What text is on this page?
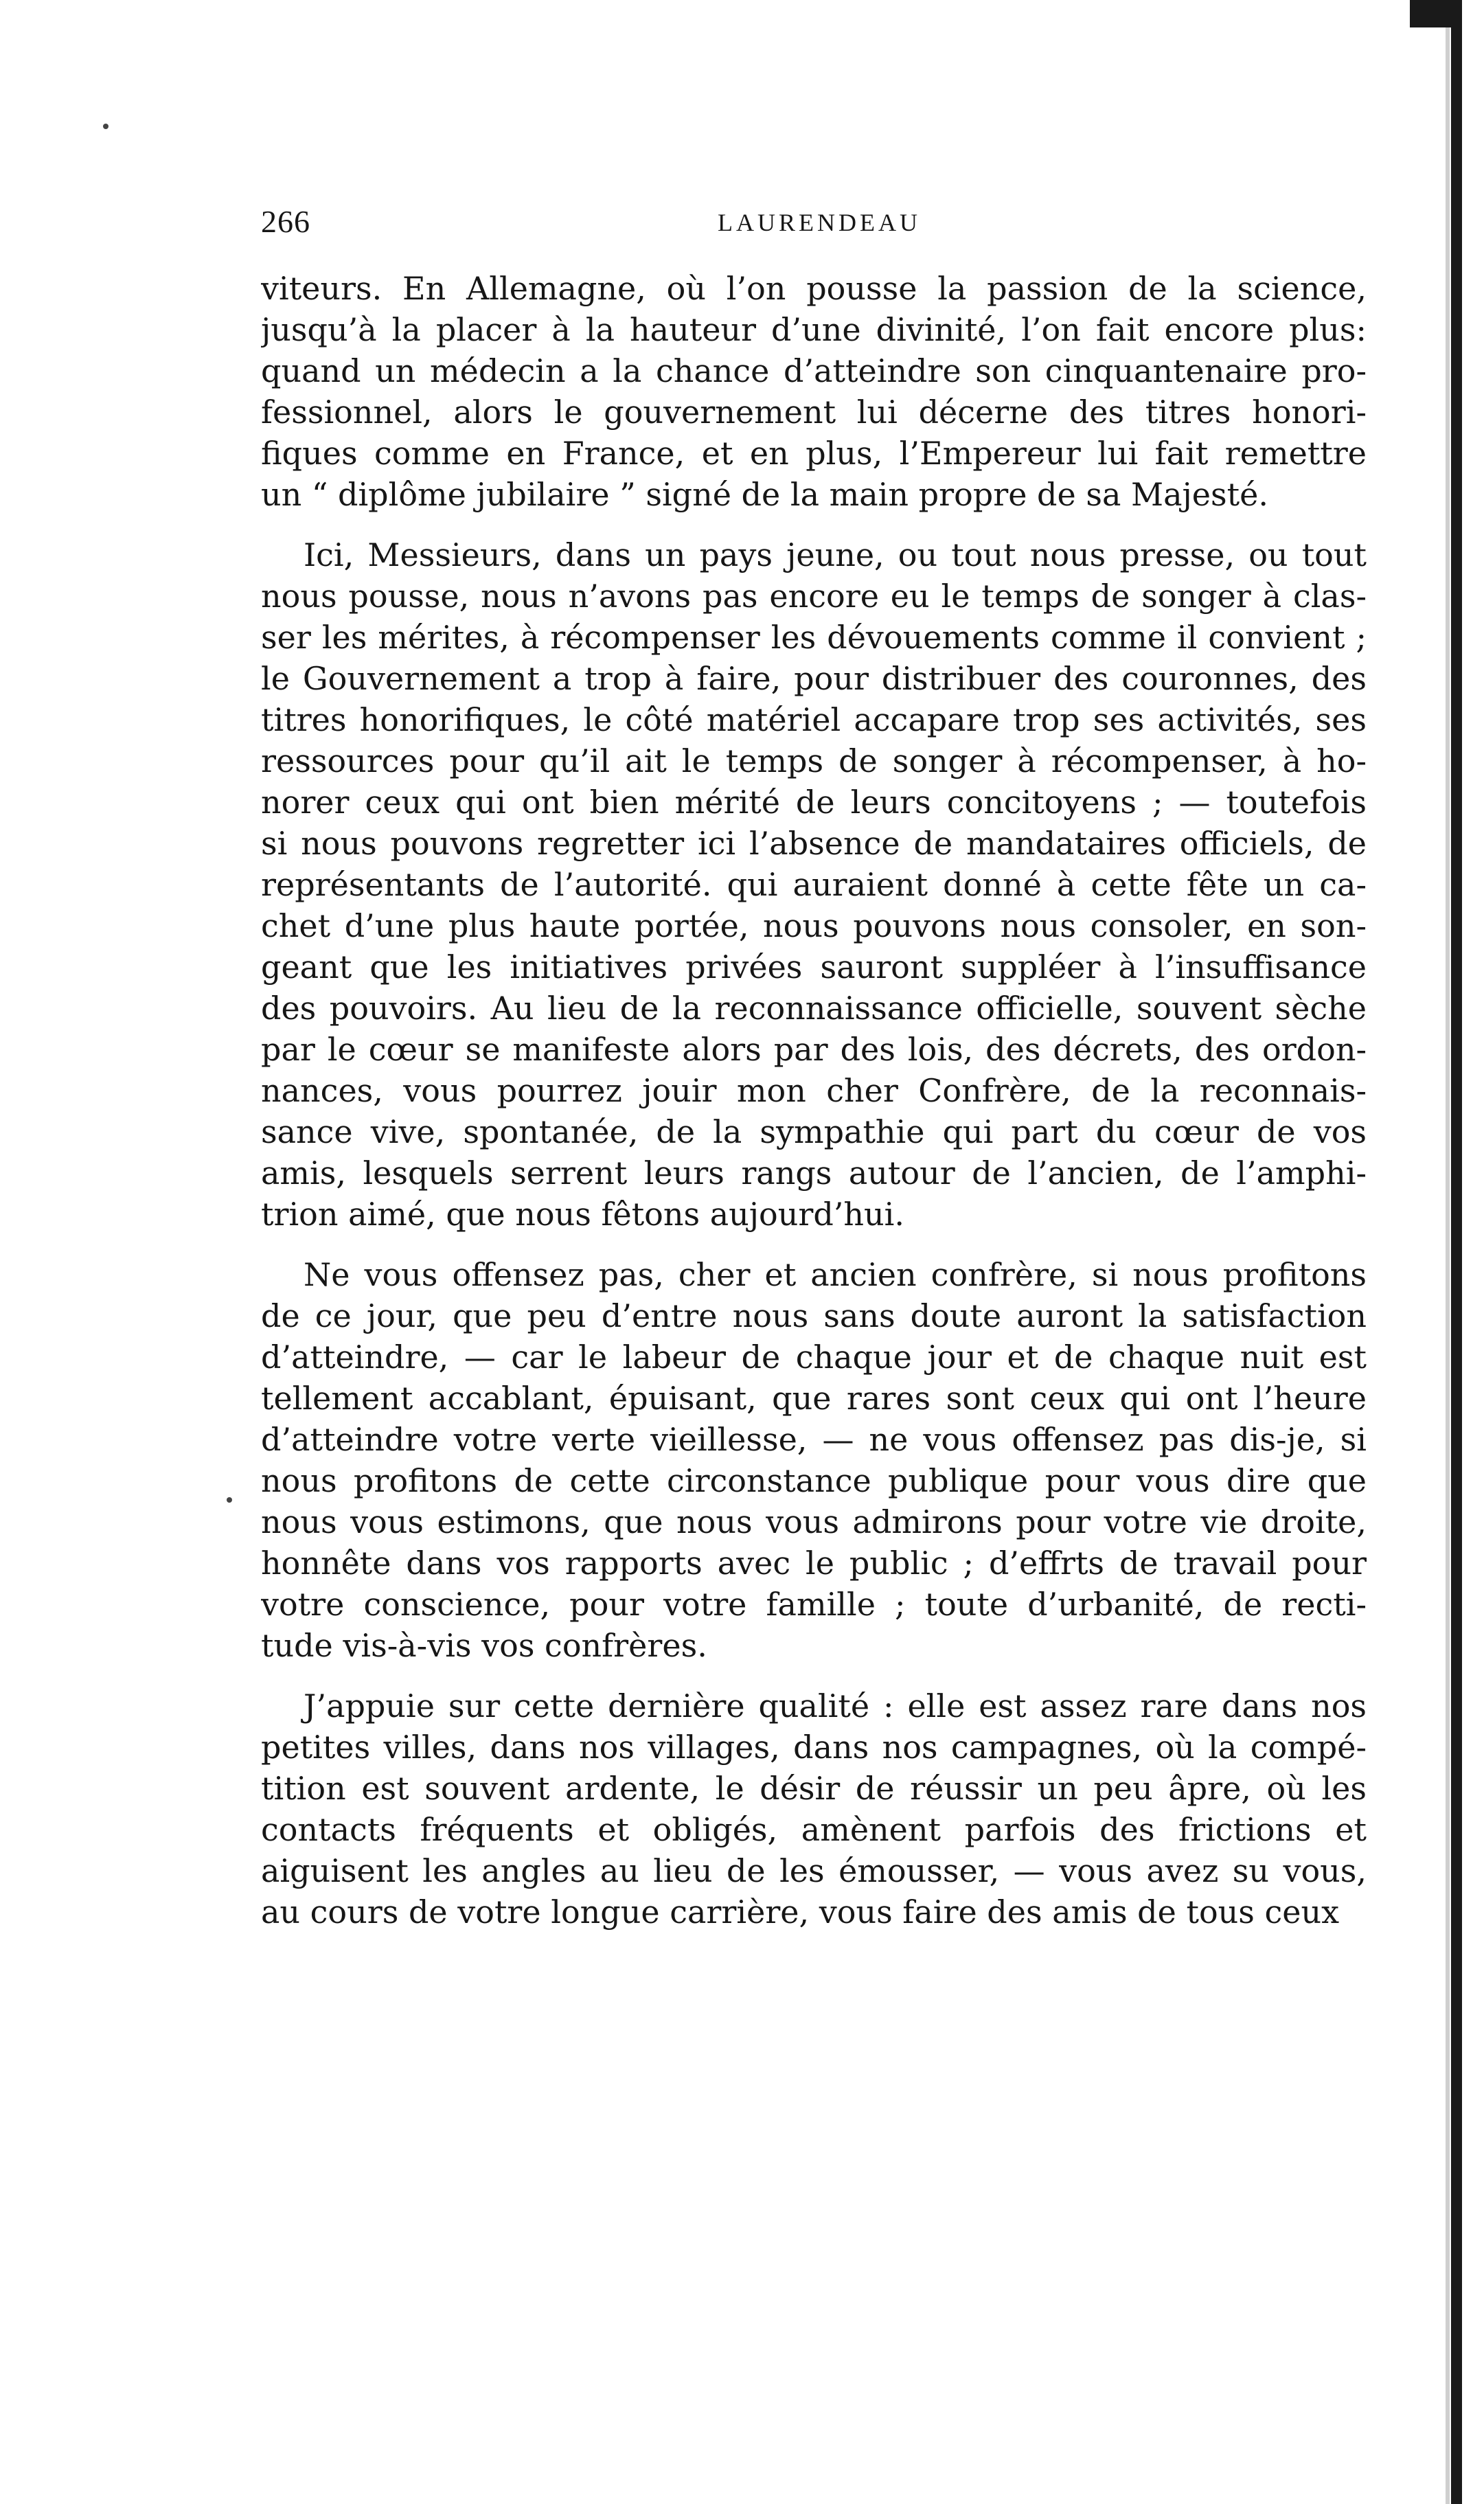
266	LAURENDEAU
viteurs. En Allemagne, où l’on pousse la passion de la science,
jusqu’à la placer à la hauteur d’une divinité, l’on fait encore plus:
quand un médecin a la chance d’atteindre son cinquantenaire pro-
fessionnel, alors le gouvernement lui décerne des titres honori-
fiques comme en France, et en plus, l’Empereur lui fait remettre
un “ diplôme jubilaire ” signé de la main propre de sa Majesté.
Ici, Messieurs, dans un pays jeune, ou tout nous presse, ou tout
nous pousse, nous n’avons pas encore eu le temps de songer à clas-
ser les mérites, à récompenser les dévouements comme il convient ;
le Gouvernement a trop à faire, pour distribuer des couronnes, des
titres honorifiques, le côté matériel accapare trop ses activités, ses
ressources pour qu’il ait le temps de songer à récompenser, à ho-
norer ceux qui ont bien mérité de leurs concitoyens ; — toutefois
si nous pouvons regretter ici l’absence de mandataires officiels, de
représentants de l’autorité. qui auraient donné à cette fête un ca-
chet d’une plus haute portée, nous pouvons nous consoler, en son-
geant que les initiatives privées sauront suppléer à l’insuffisance
des pouvoirs. Au lieu de la reconnaissance officielle, souvent sèche
par le cœur se manifeste alors par des lois, des décrets, des ordon-
nances, vous pourrez jouir mon cher Confrère, de la reconnais-
sance vive, spontanée, de la sympathie qui part du cœur de vos
amis, lesquels serrent leurs rangs autour de l’ancien, de l’amphi-
trion aimé, que nous fêtons aujourd’hui.
Ne vous offensez pas, cher et ancien confrère, si nous profitons
de ce jour, que peu d’entre nous sans doute auront la satisfaction
d’atteindre, — car le labeur de chaque jour et de chaque nuit est
tellement accablant, épuisant, que rares sont ceux qui ont l’heure
d’atteindre votre verte vieillesse, — ne vous offensez pas dis-je, si
nous profitons de cette circonstance publique pour vous dire que
nous vous estimons, que nous vous admirons pour votre vie droite,
honnête dans vos rapports avec le public ; d’effrts de travail pour
votre conscience, pour votre famille ; toute d’urbanité, de recti-
tude vis-à-vis vos confrères.
J’appuie sur cette dernière qualité : elle est assez rare dans nos
petites villes, dans nos villages, dans nos campagnes, où la compé-
tition est souvent ardente, le désir de réussir un peu âpre, où les
contacts fréquents et obligés, amènent parfois des frictions et
aiguisent les angles au lieu de les émousser, — vous avez su vous,
au cours de votre longue carrière, vous faire des amis de tous ceux
